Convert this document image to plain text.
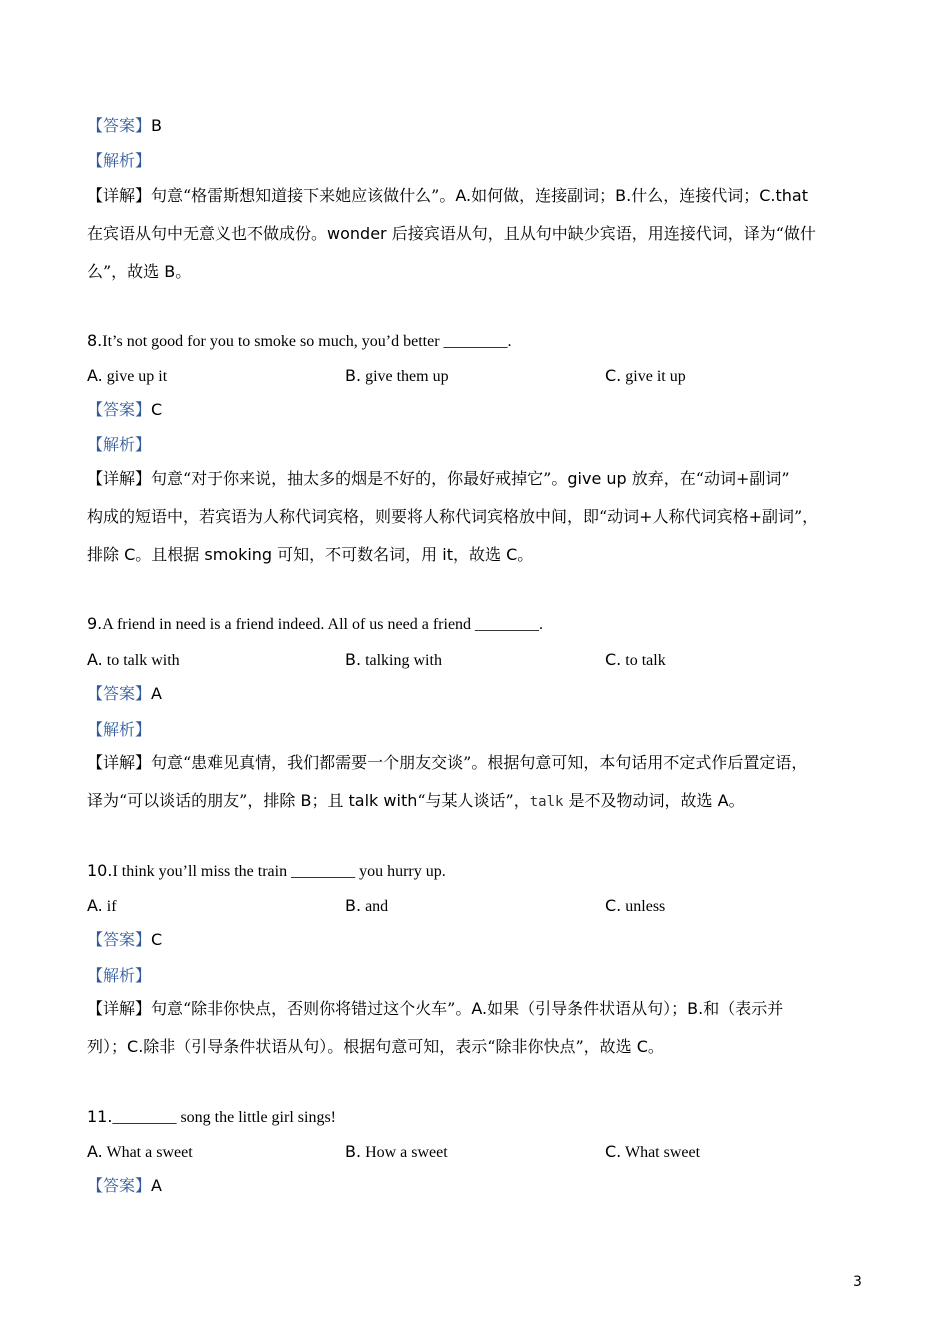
【答案】B
【解析】
【详解】句意“格雷斯想知道接下来她应该做什么”。A.如何做，连接副词；B.什么，连接代词；C.that
在宾语从句中无意义也不做成份。wonder 后接宾语从句，且从句中缺少宾语，用连接代词，译为“做什
么”，故选 B。
8.It’s not good for you to smoke so much, you’d better ________.
A. give up it	B. give them up	C. give it up
【答案】C
【解析】
【详解】句意“对于你来说，抽太多的烟是不好的，你最好戒掉它”。give up 放弃，在“动词+副词”
构成的短语中，若宾语为人称代词宾格，则要将人称代词宾格放中间，即“动词+人称代词宾格+副词”，
排除 C。且根据 smoking 可知，不可数名词，用 it，故选 C。
9.A friend in need is a friend indeed. All of us need a friend ________.
A. to talk with	B. talking with	C. to talk
【答案】A
【解析】
【详解】句意“患难见真情，我们都需要一个朋友交谈”。根据句意可知，本句话用不定式作后置定语，
译为“可以谈话的朋友”，排除 B；且 talk with“与某人谈话”，talk 是不及物动词，故选 A。
10.I think you’ll miss the train ________ you hurry up.
A. if	B. and	C. unless
【答案】C
【解析】
【详解】句意“除非你快点，否则你将错过这个火车”。A.如果（引导条件状语从句）；B.和（表示并
列）；C.除非（引导条件状语从句）。根据句意可知，表示“除非你快点”，故选 C。
11.________ song the little girl sings!
A. What a sweet	B. How a sweet	C. What sweet
【答案】A
3
